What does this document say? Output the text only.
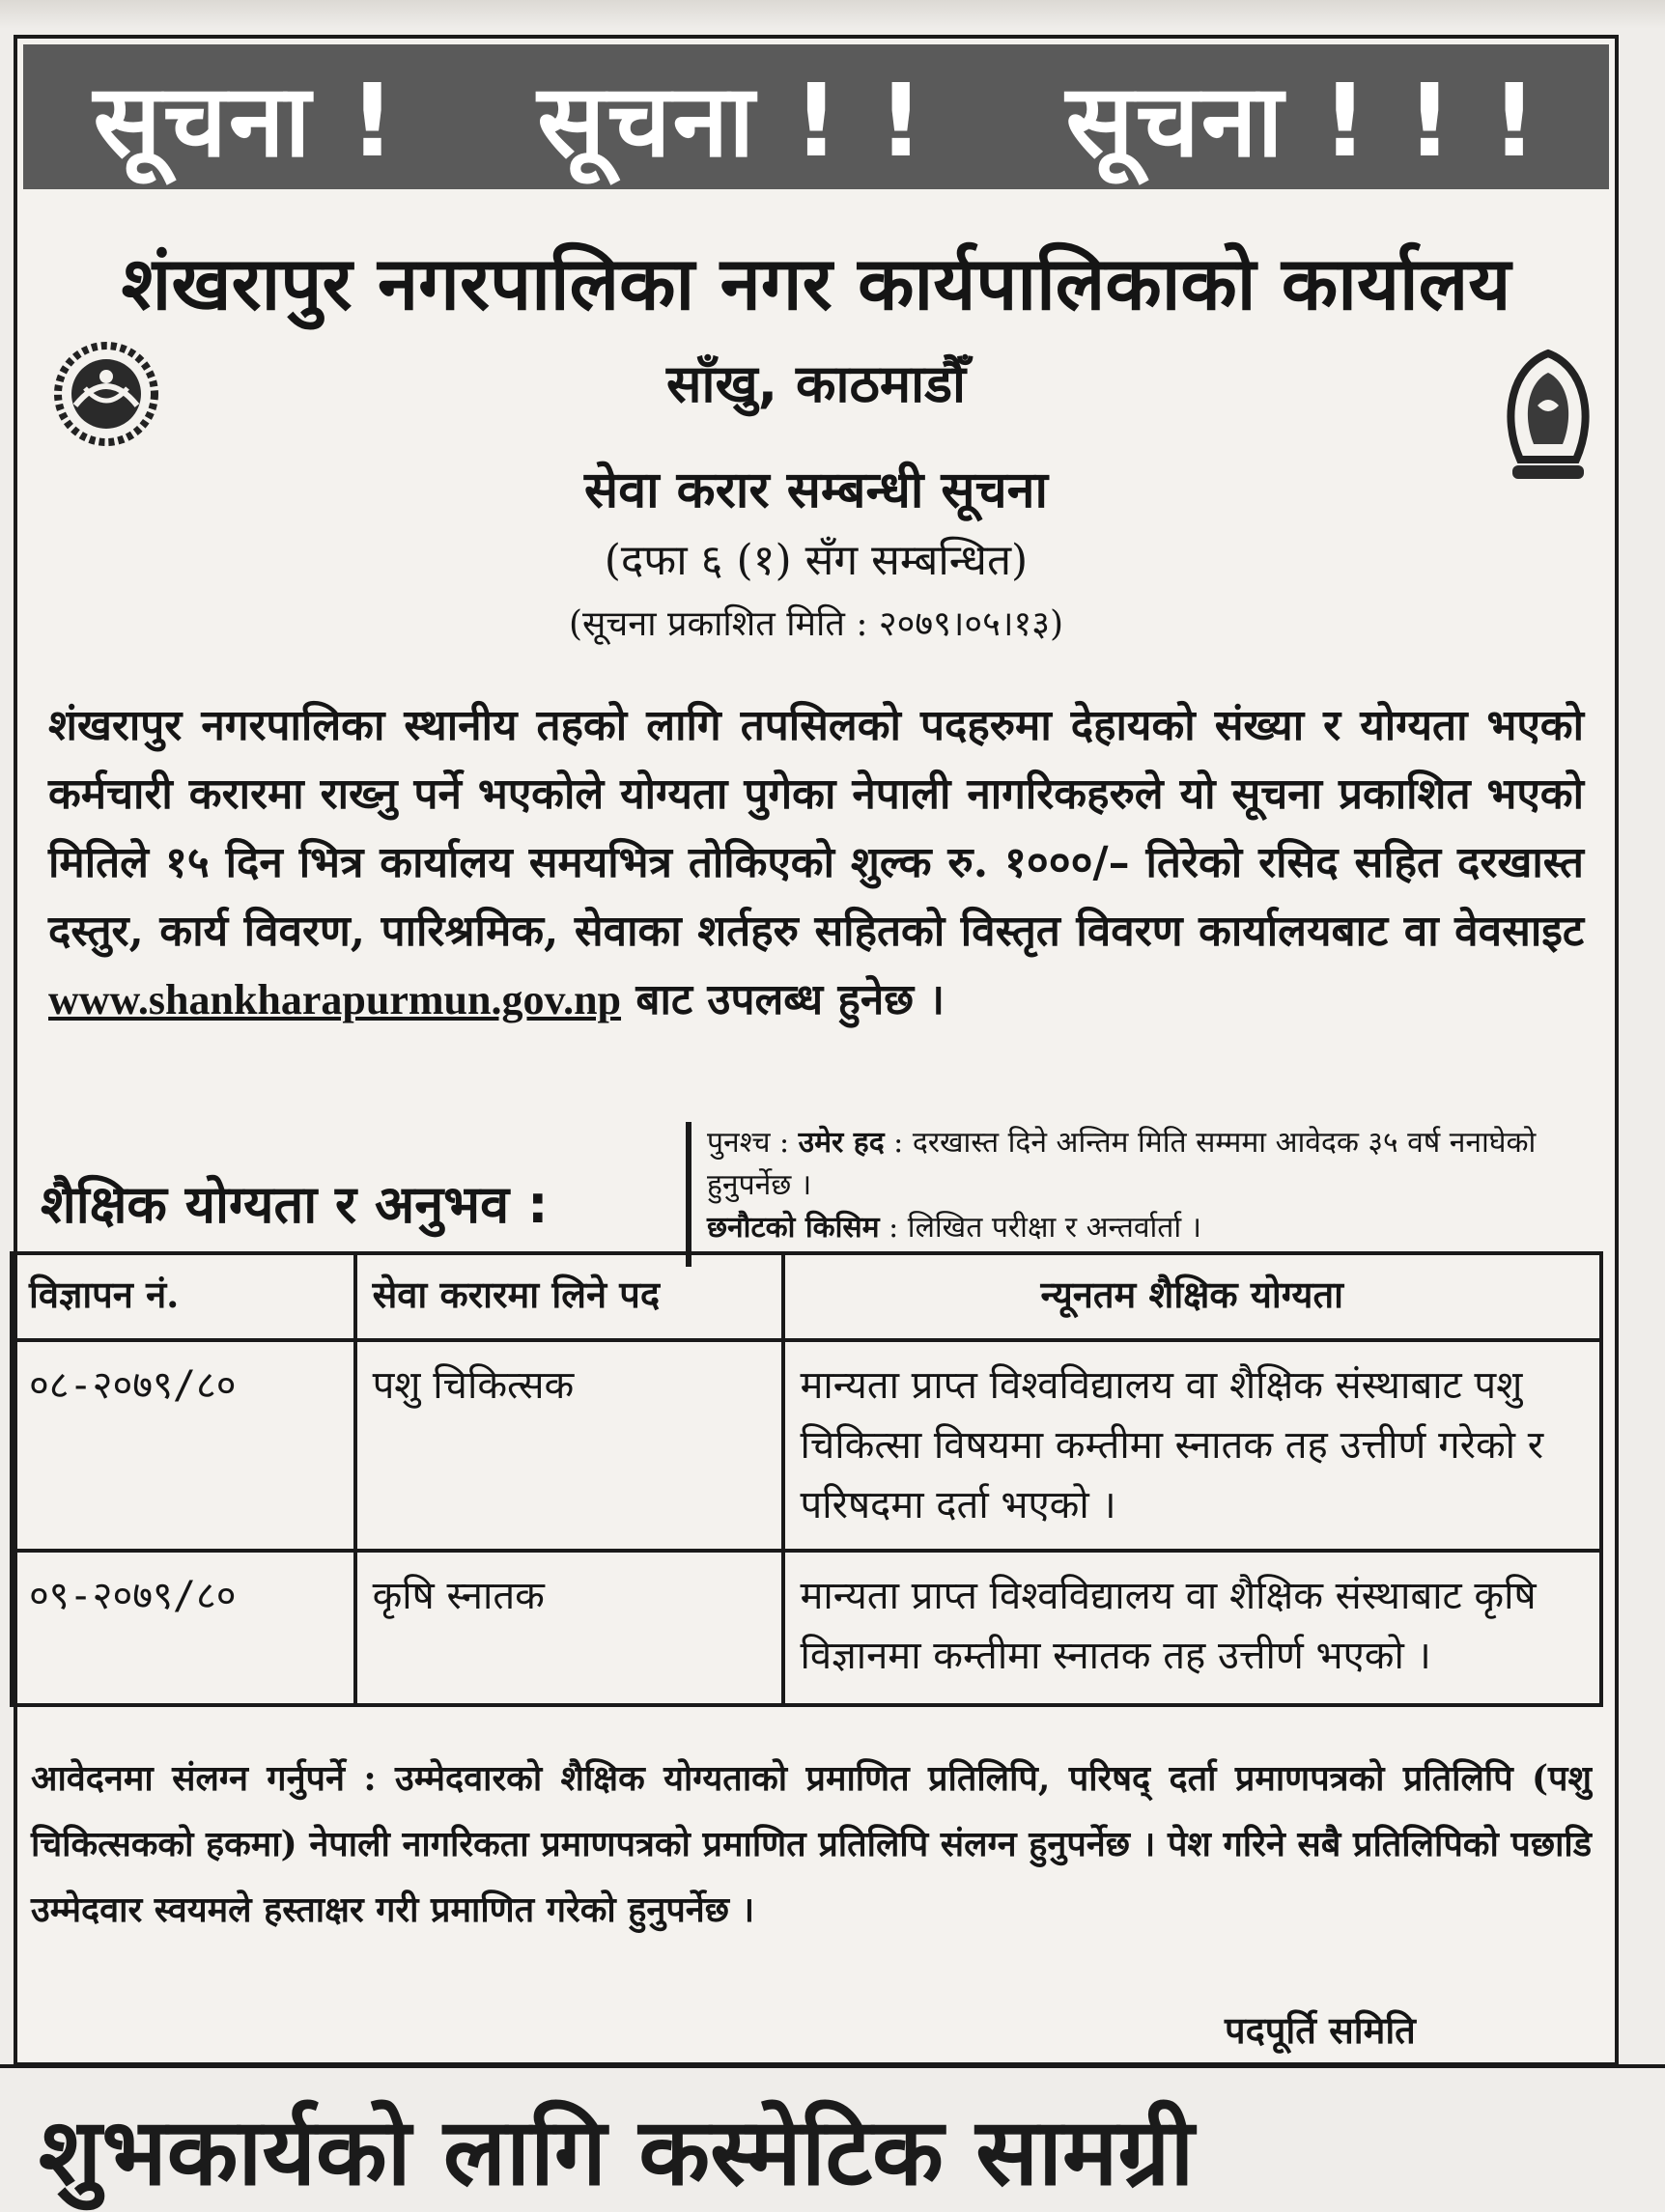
सूचना ! सूचना ! ! सूचना ! ! !
शंखरापुर नगरपालिका नगर कार्यपालिकाको कार्यालय
साँखु, काठमाडौँ
सेवा करार सम्बन्धी सूचना
(दफा ६ (१) सँग सम्बन्धित)
(सूचना प्रकाशित मिति : २०७९।०५।१३)
शंखरापुर नगरपालिका स्थानीय तहको लागि तपसिलको पदहरुमा देहायको संख्या र योग्यता भएको कर्मचारी करारमा राख्नु पर्ने भएकोले योग्यता पुगेका नेपाली नागरिकहरुले यो सूचना प्रकाशित भएको मितिले १५ दिन भित्र कार्यालय समयभित्र तोकिएको शुल्क रु. १०००/– तिरेको रसिद सहित दरखास्त दस्तुर, कार्य विवरण, पारिश्रमिक, सेवाका शर्तहरु सहितको विस्तृत विवरण कार्यालयबाट वा वेवसाइट www.shankharapurmun.gov.np बाट उपलब्ध हुनेछ ।
शैक्षिक योग्यता र अनुभव :
पुनश्च : उमेर हद : दरखास्त दिने अन्तिम मिति सम्ममा आवेदक ३५ वर्ष ननाघेको हुनुपर्नेछ ।
छनौटको किसिम : लिखित परीक्षा र अन्तर्वार्ता ।
विज्ञापन नं.	सेवा करारमा लिने पद	न्यूनतम शैक्षिक योग्यता
०८-२०७९/८०	पशु चिकित्सक	मान्यता प्राप्त विश्वविद्यालय वा शैक्षिक संस्थाबाट पशु चिकित्सा विषयमा कम्तीमा स्नातक तह उत्तीर्ण गरेको र परिषदमा दर्ता भएको ।
०९-२०७९/८०	कृषि स्नातक	मान्यता प्राप्त विश्वविद्यालय वा शैक्षिक संस्थाबाट कृषि विज्ञानमा कम्तीमा स्नातक तह उत्तीर्ण भएको ।
आवेदनमा संलग्न गर्नुपर्ने : उम्मेदवारको शैक्षिक योग्यताको प्रमाणित प्रतिलिपि, परिषद् दर्ता प्रमाणपत्रको प्रतिलिपि (पशु चिकित्सकको हकमा) नेपाली नागरिकता प्रमाणपत्रको प्रमाणित प्रतिलिपि संलग्न हुनुपर्नेछ । पेश गरिने सबै प्रतिलिपिको पछाडि उम्मेदवार स्वयमले हस्ताक्षर गरी प्रमाणित गरेको हुनुपर्नेछ ।
पदपूर्ति समिति
शुभकार्यको लागि कस्मेटिक सामग्री
